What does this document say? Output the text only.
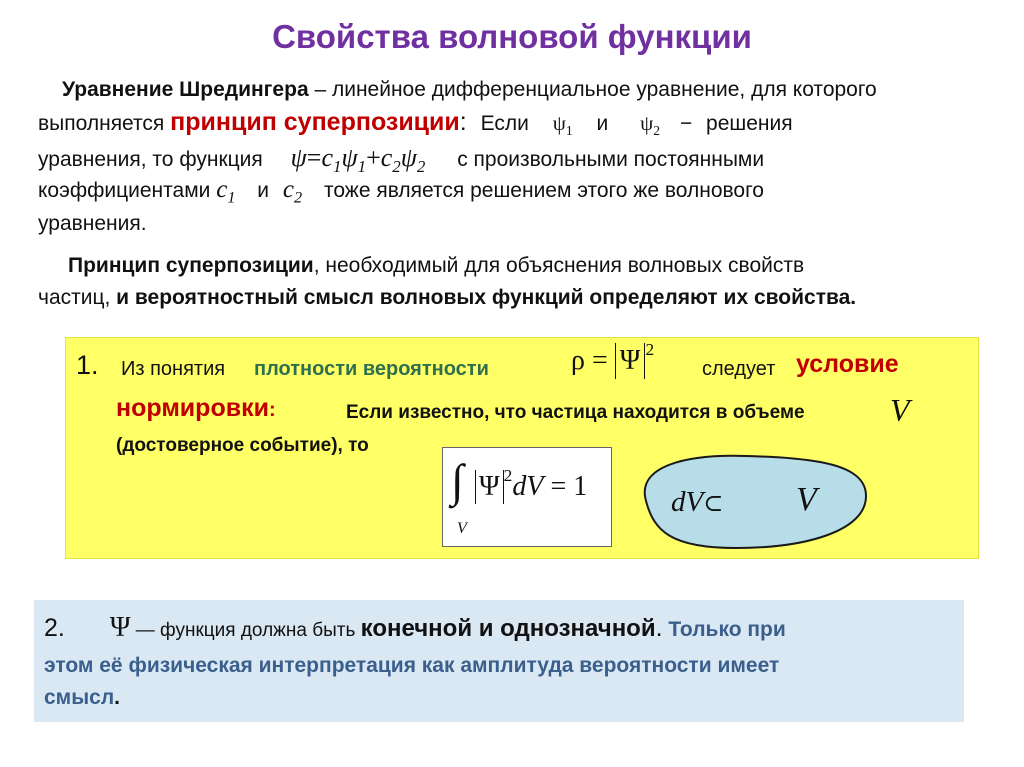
Свойства волновой функции
Уравнение Шредингера – линейное дифференциальное уравнение, для которого
выполняется принцип суперпозиции: Если $\psi_1$ и $\psi_2$ − решения
уравнения, то функция $\psi=c_1\psi_1+c_2\psi_2$ с произвольными постоянными
коэффициентами $c_1$ и $c_2$ тоже является решением этого же волнового
уравнения.
Принцип суперпозиции, необходимый для объяснения волновых свойств
частиц, и вероятностный смысл волновых функций определяют их свойства.
1. Из понятия плотности вероятности	ρ = Ψ $^2$
следует условие
нормировки:	Если известно, что частица находится в объеме	V
(достоверное событие), то
dV⊂ V
∫
V
Ψ $^2$dV = 1
2. Ψ — функция должна быть конечной и однозначной. Только при
этом её физическая интерпретация как амплитуда вероятности имеет
смысл.
